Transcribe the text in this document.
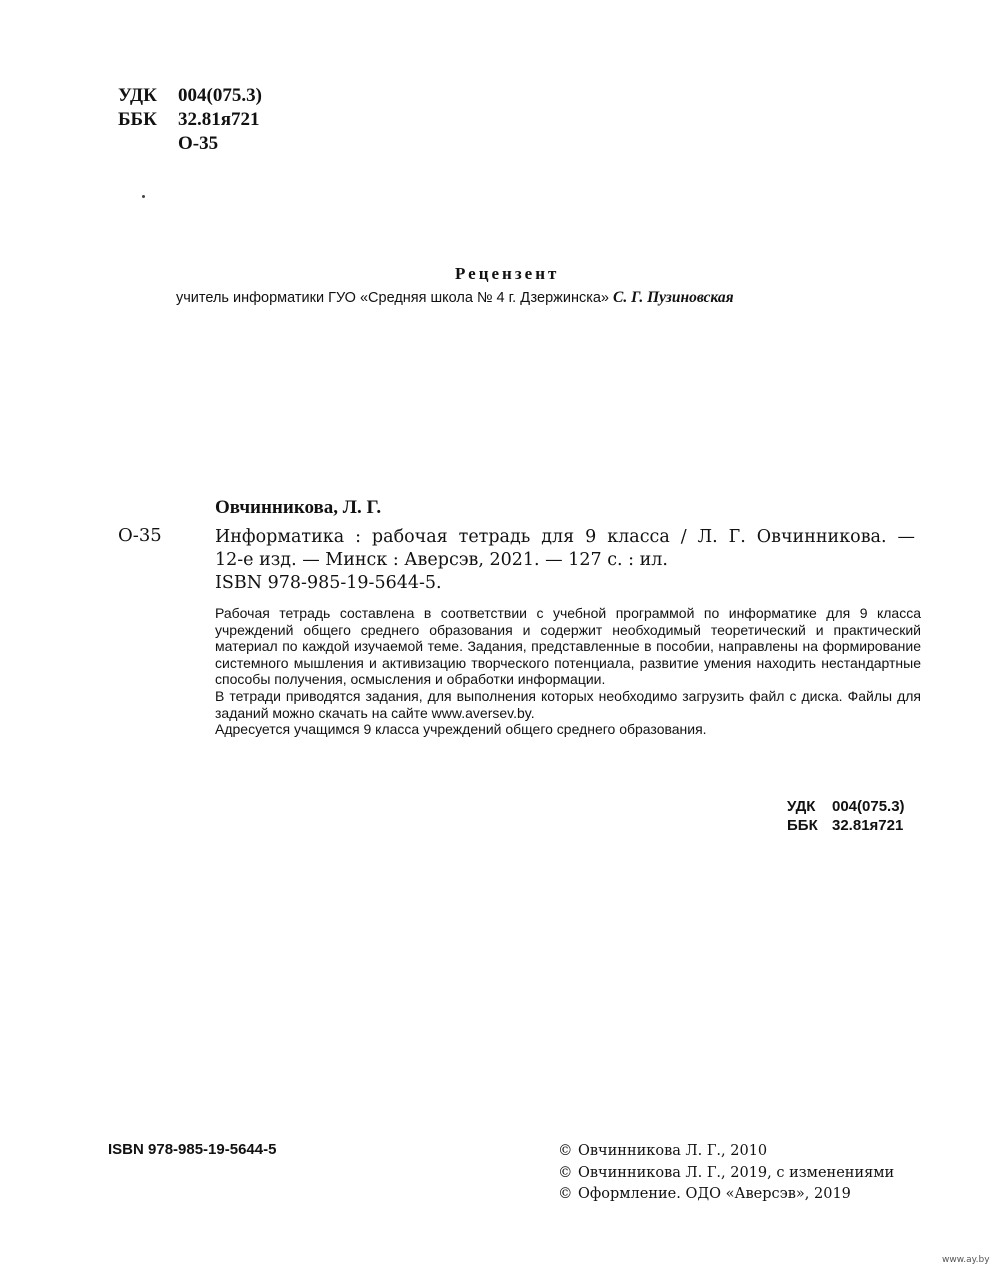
УДК 004(075.3)
ББК 32.81я721
О-35
Рецензент
учитель информатики ГУО «Средняя школа № 4 г. Дзержинска» С. Г. Пузиновская
Овчинникова, Л. Г.
О-35	Информатика : рабочая тетрадь для 9 класса / Л. Г. Овчинникова. —
12-е изд. — Минск : Аверсэв, 2021. — 127 с. : ил.
ISBN 978-985-19-5644-5.

Рабочая тетрадь составлена в соответствии с учебной программой по информатике для 9 класса учреждений общего среднего образования и содержит необходимый теоретический и практический материал по каждой изучаемой теме. Задания, представленные в пособии, направлены на формирование системного мышления и активизацию творческого потенциала, развитие умения находить нестандартные способы получения, осмысления и обработки информации.

В тетради приводятся задания, для выполнения которых необходимо загрузить файл с диска. Файлы для заданий можно скачать на сайте www.aversev.by.

Адресуется учащимся 9 класса учреждений общего среднего образования.

УДК 004(075.3)
ББК 32.81я721
ISBN 978-985-19-5644-5	© Овчинникова Л. Г., 2010
© Овчинникова Л. Г., 2019, с изменениями
© Оформление. ОДО «Аверсэв», 2019
www.ay.by
